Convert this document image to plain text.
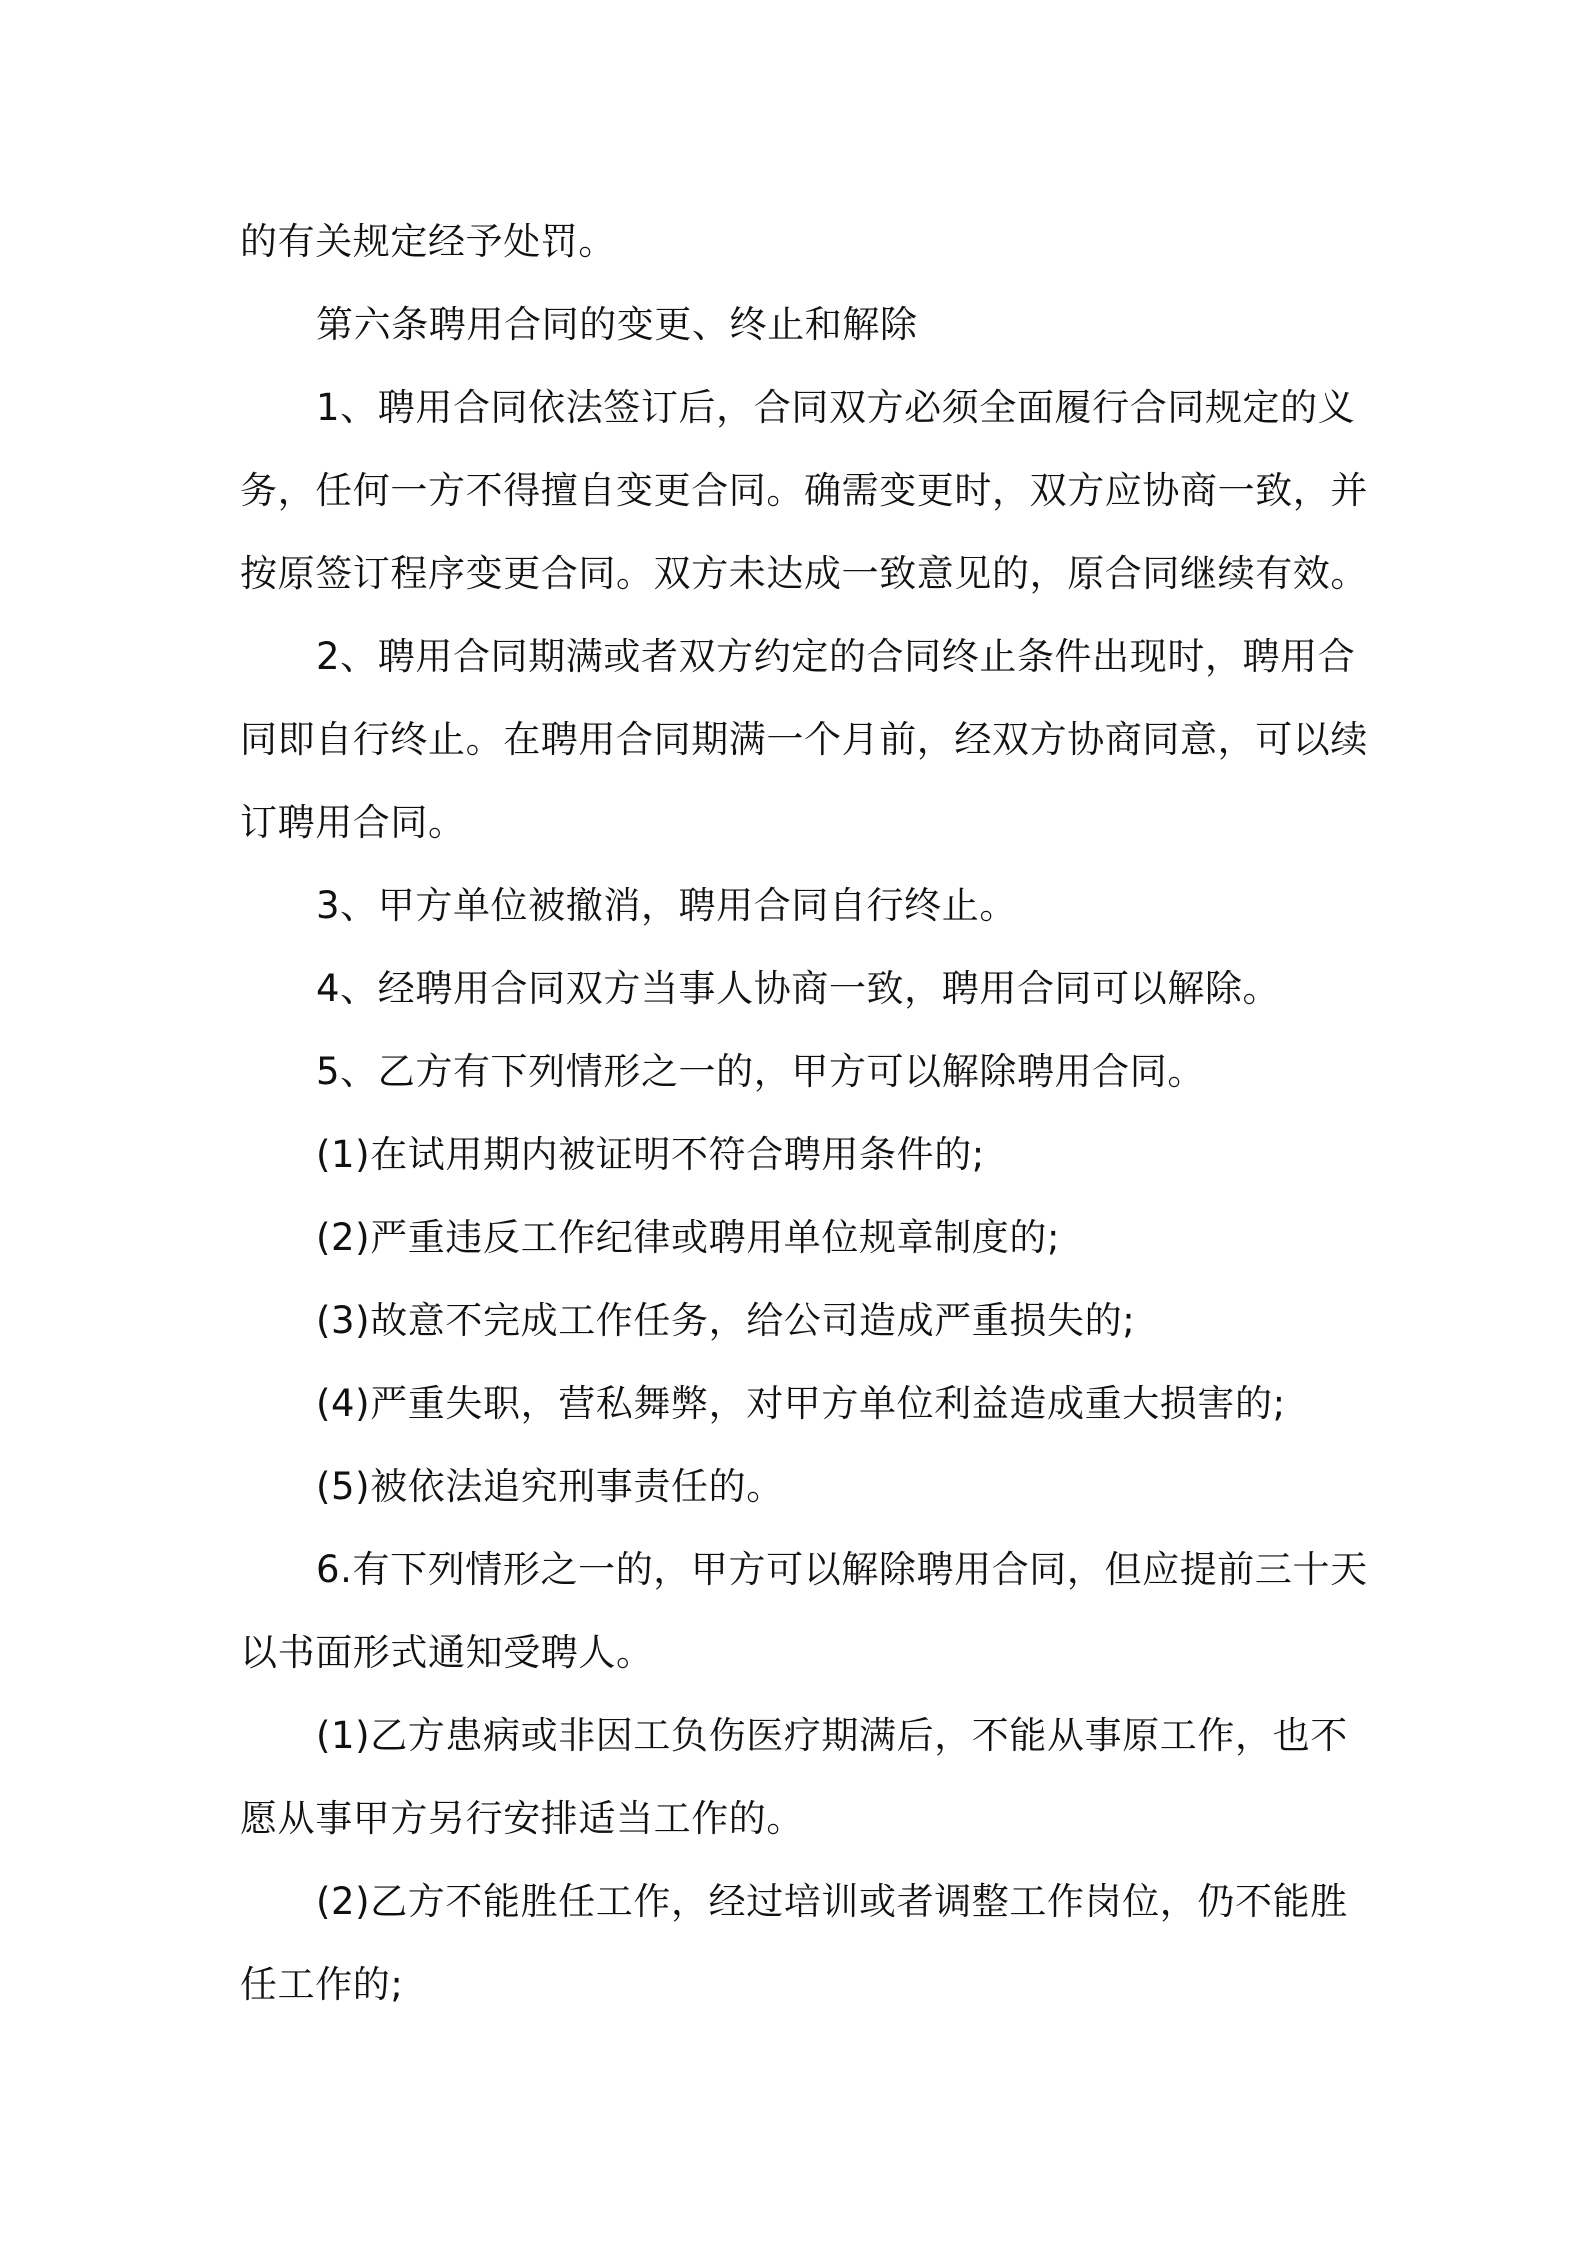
的有关规定经予处罚。

第六条聘用合同的变更、终止和解除

1、聘用合同依法签订后，合同双方必须全面履行合同规定的义
务，任何一方不得擅自变更合同。确需变更时，双方应协商一致，并
按原签订程序变更合同。双方未达成一致意见的，原合同继续有效。

2、聘用合同期满或者双方约定的合同终止条件出现时，聘用合
同即自行终止。在聘用合同期满一个月前，经双方协商同意，可以续
订聘用合同。

3、甲方单位被撤消，聘用合同自行终止。

4、经聘用合同双方当事人协商一致，聘用合同可以解除。

5、乙方有下列情形之一的，甲方可以解除聘用合同。

(1)在试用期内被证明不符合聘用条件的;

(2)严重违反工作纪律或聘用单位规章制度的;

(3)故意不完成工作任务，给公司造成严重损失的;

(4)严重失职，营私舞弊，对甲方单位利益造成重大损害的;

(5)被依法追究刑事责任的。

6.有下列情形之一的，甲方可以解除聘用合同，但应提前三十天
以书面形式通知受聘人。

(1)乙方患病或非因工负伤医疗期满后，不能从事原工作，也不
愿从事甲方另行安排适当工作的。

(2)乙方不能胜任工作，经过培训或者调整工作岗位，仍不能胜
任工作的;
